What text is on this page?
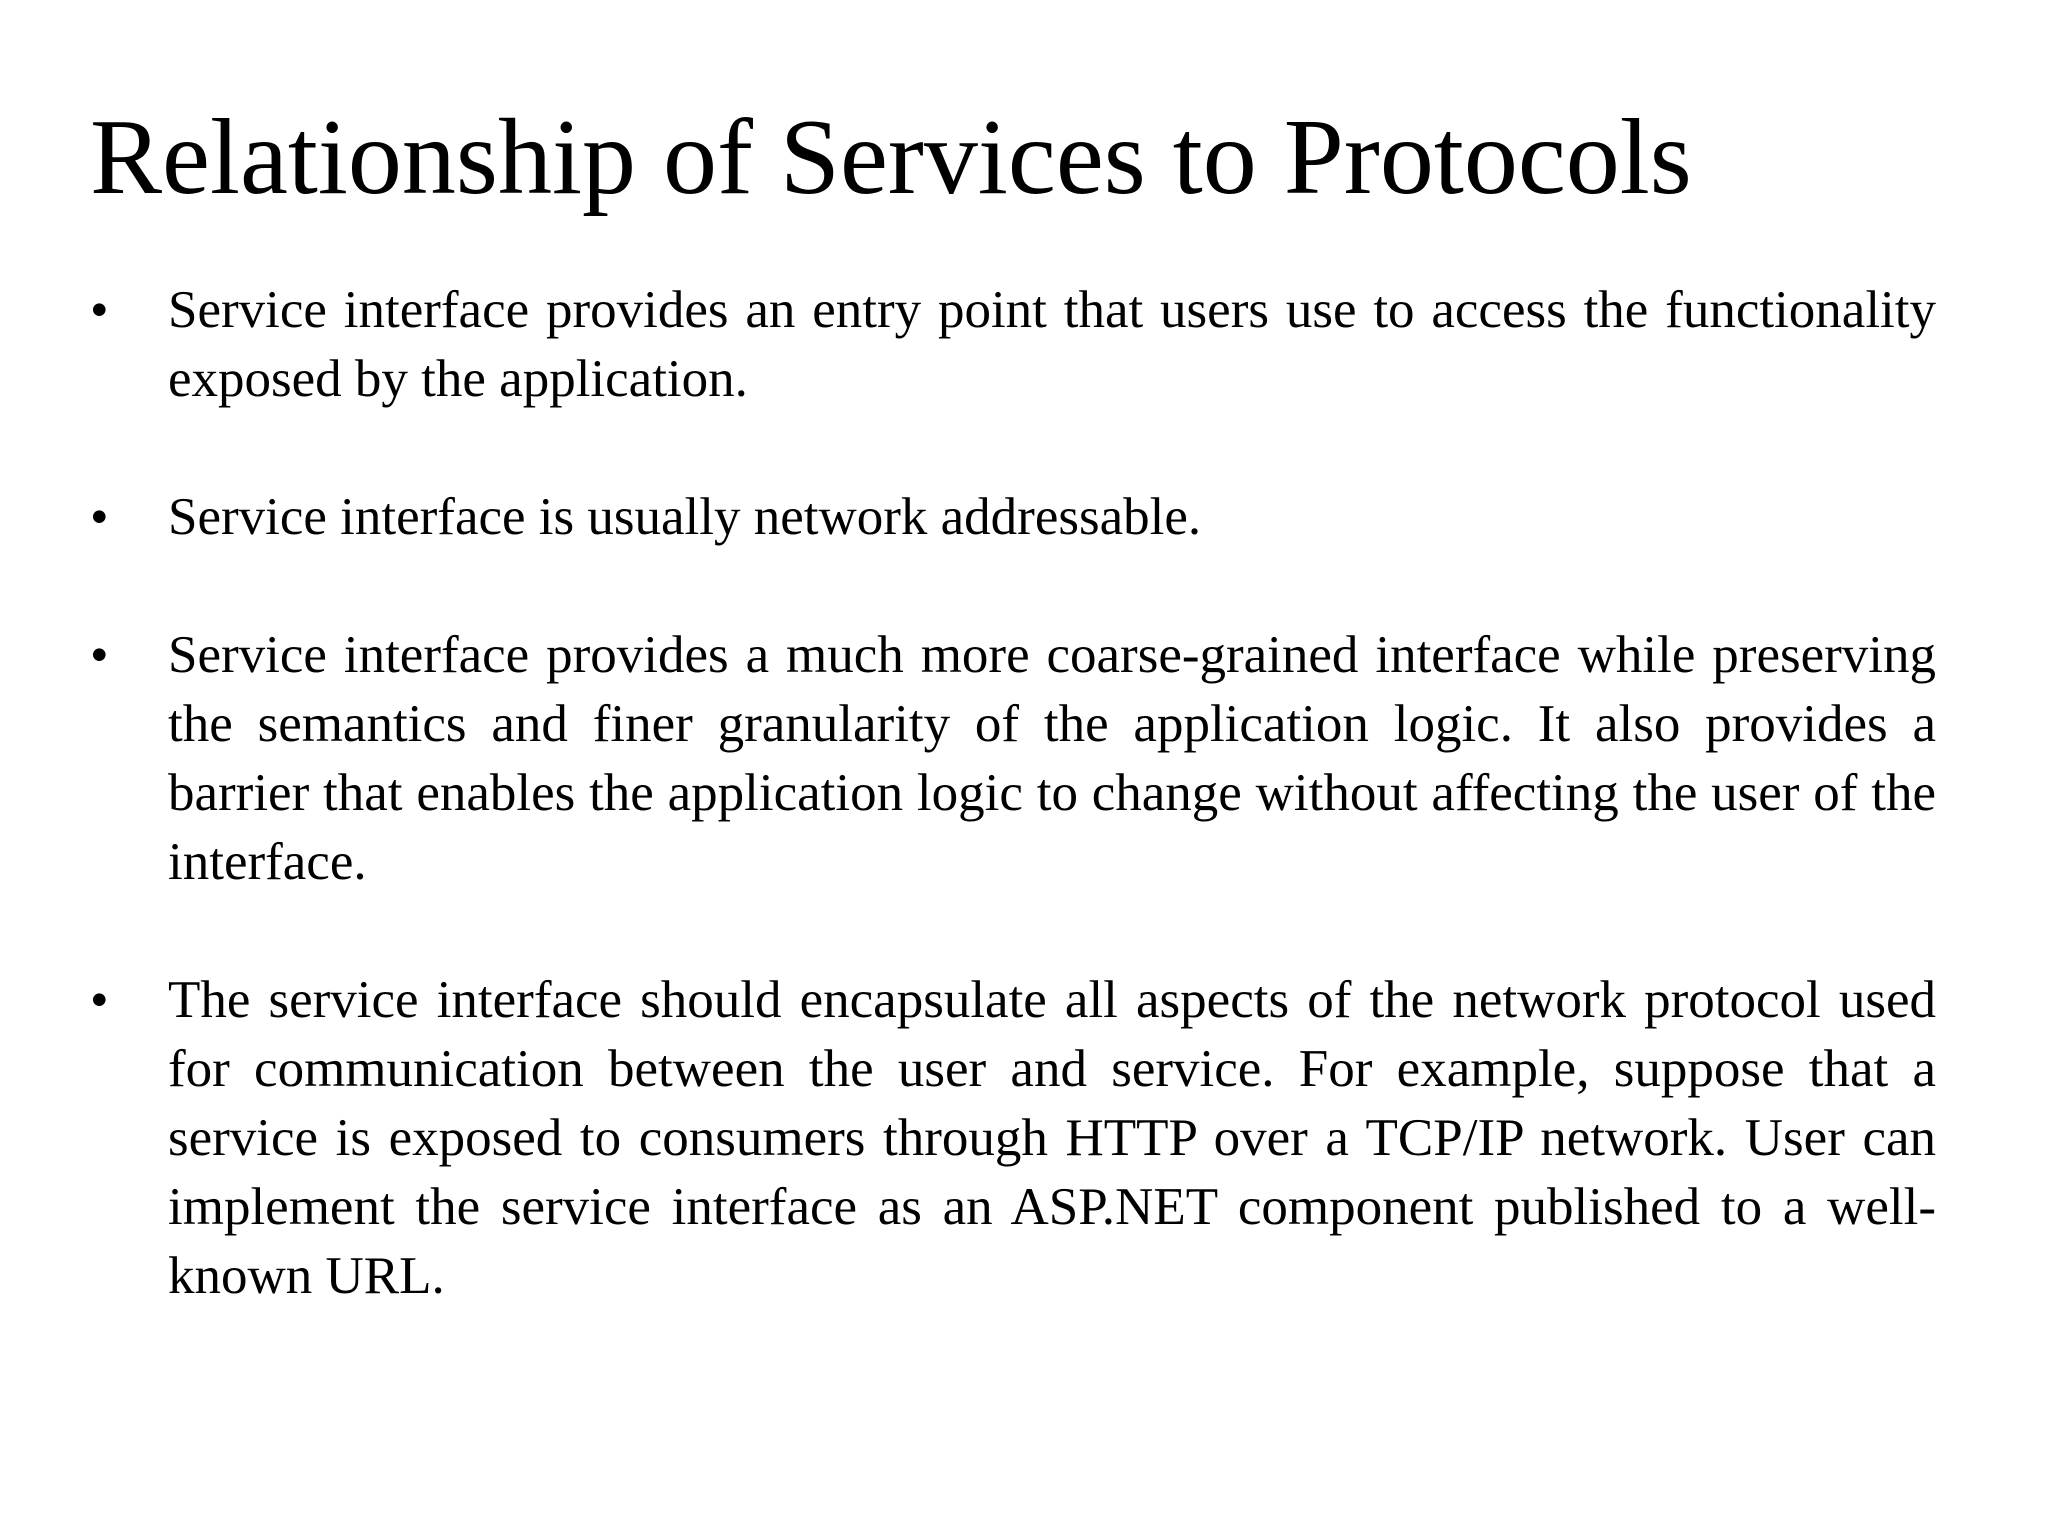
Relationship of Services to Protocols
•	Service interface provides an entry point that users use to access the functionality exposed by the application.
•	Service interface is usually network addressable.
•	Service interface provides a much more coarse-grained interface while preserving the semantics and finer granularity of the application logic. It also provides a barrier that enables the application logic to change without affecting the user of the interface.
•	The service interface should encapsulate all aspects of the network protocol used for communication between the user and service. For example, suppose that a service is exposed to consumers through HTTP over a TCP/IP network. User can implement the service interface as an ASP.NET component published to a well-known URL.
